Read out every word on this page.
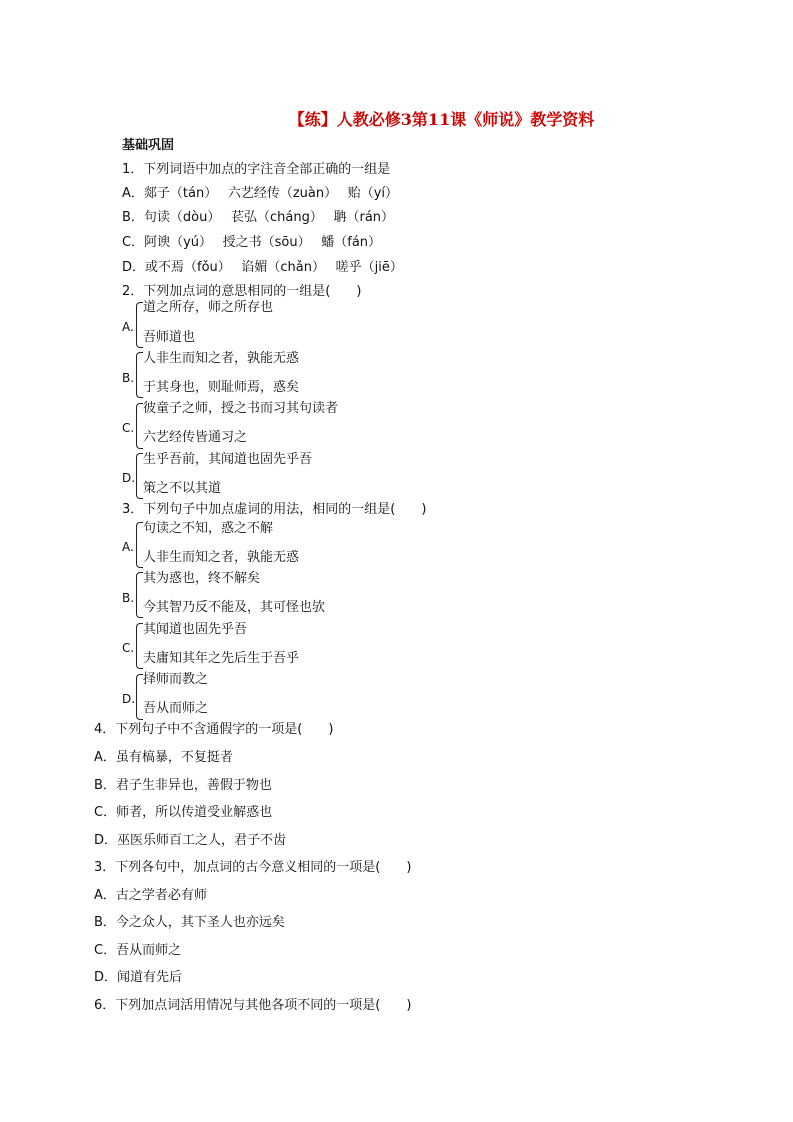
【练】人教必修3第11课《师说》教学资料
基础巩固
1．下列词语中加点的字注音全部正确的一组是
A．郯子（tán）　 六艺经传（zuàn）　 贻（yí）
B．句读（dòu）　 苌弘（cháng）　 聃（rán）
C．阿谀（yú）　 授之书（sōu）　 蟠（fán）
D．或不焉（fǒu）　 谄媚（chǎn）　 嗟乎（jiē）
2．下列加点词的意思相同的一组是(　　)
A.
道之所存，师之所存也
吾师道也
B.
人非生而知之者，孰能无惑
于其身也，则耻师焉，惑矣
C.
彼童子之师，授之书而习其句读者
六艺经传皆通习之
D.
生乎吾前，其闻道也固先乎吾
策之不以其道
3．下列句子中加点虚词的用法，相同的一组是(　　)
A.
句读之不知，惑之不解
人非生而知之者，孰能无惑
B.
其为惑也，终不解矣
今其智乃反不能及，其可怪也欤
C.
其闻道也固先乎吾
夫庸知其年之先后生于吾乎
D.
择师而教之
吾从而师之
4．下列句子中不含通假字的一项是(　　)
A．虽有槁暴，不复挺者
B．君子生非异也，善假于物也
C．师者，所以传道受业解惑也
D．巫医乐师百工之人，君子不齿
3．下列各句中，加点词的古今意义相同的一项是(　　)
A．古之学者必有师
B．今之众人，其下圣人也亦远矣
C．吾从而师之
D．闻道有先后
6．下列加点词活用情况与其他各项不同的一项是(　　)
